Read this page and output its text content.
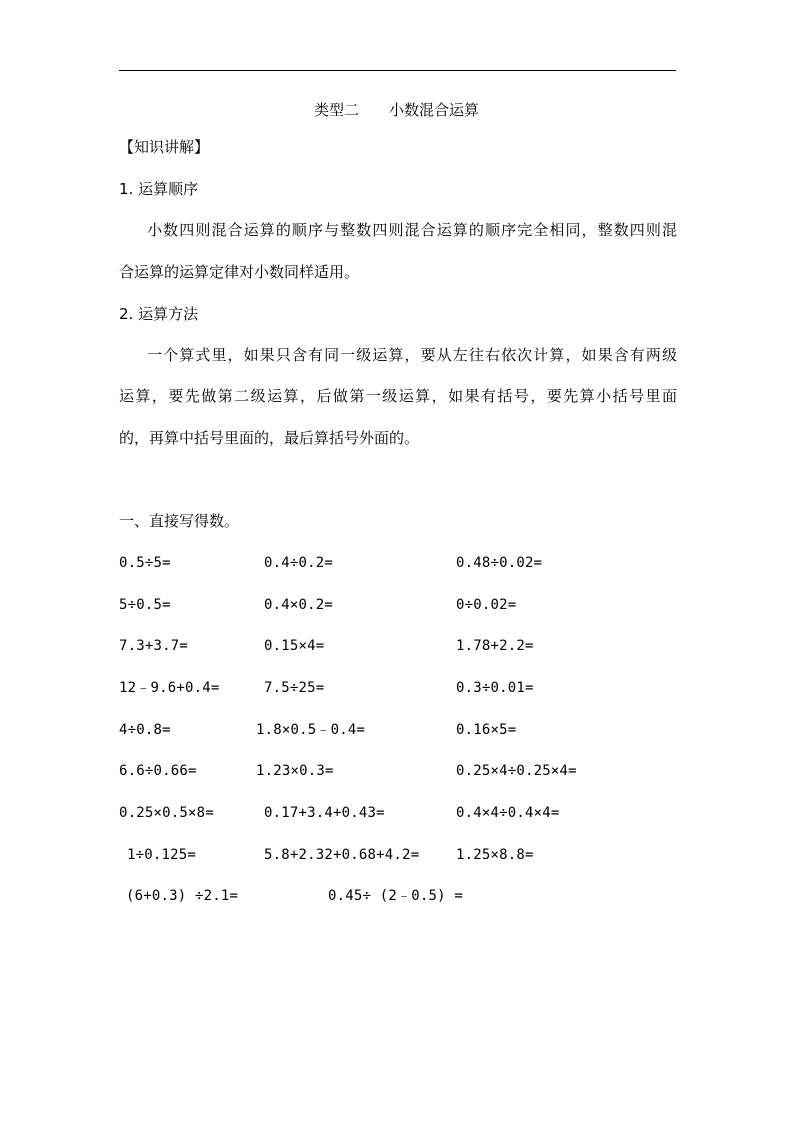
类型二 小数混合运算
【知识讲解】
1. 运算顺序
小数四则混合运算的顺序与整数四则混合运算的顺序完全相同，整数四则混
合运算的运算定律对小数同样适用。
2. 运算方法
一个算式里，如果只含有同一级运算，要从左往右依次计算，如果含有两级
运算，要先做第二级运算，后做第一级运算，如果有括号，要先算小括号里面
的，再算中括号里面的，最后算括号外面的。
一、直接写得数。
0.5÷5=	0.4÷0.2=	0.48÷0.02=
5÷0.5=	0.4×0.2=	0÷0.02=
7.3+3.7=	0.15×4=	1.78+2.2=
12﹣9.6+0.4=	7.5÷25=	0.3÷0.01=
4÷0.8=	1.8×0.5﹣0.4=	0.16×5=
6.6÷0.66=	1.23×0.3=	0.25×4÷0.25×4=
0.25×0.5×8=	0.17+3.4+0.43=	0.4×4÷0.4×4=
1÷0.125=	5.8+2.32+0.68+4.2=	1.25×8.8=
(6+0.3) ÷2.1=	0.45÷ (2﹣0.5) =
